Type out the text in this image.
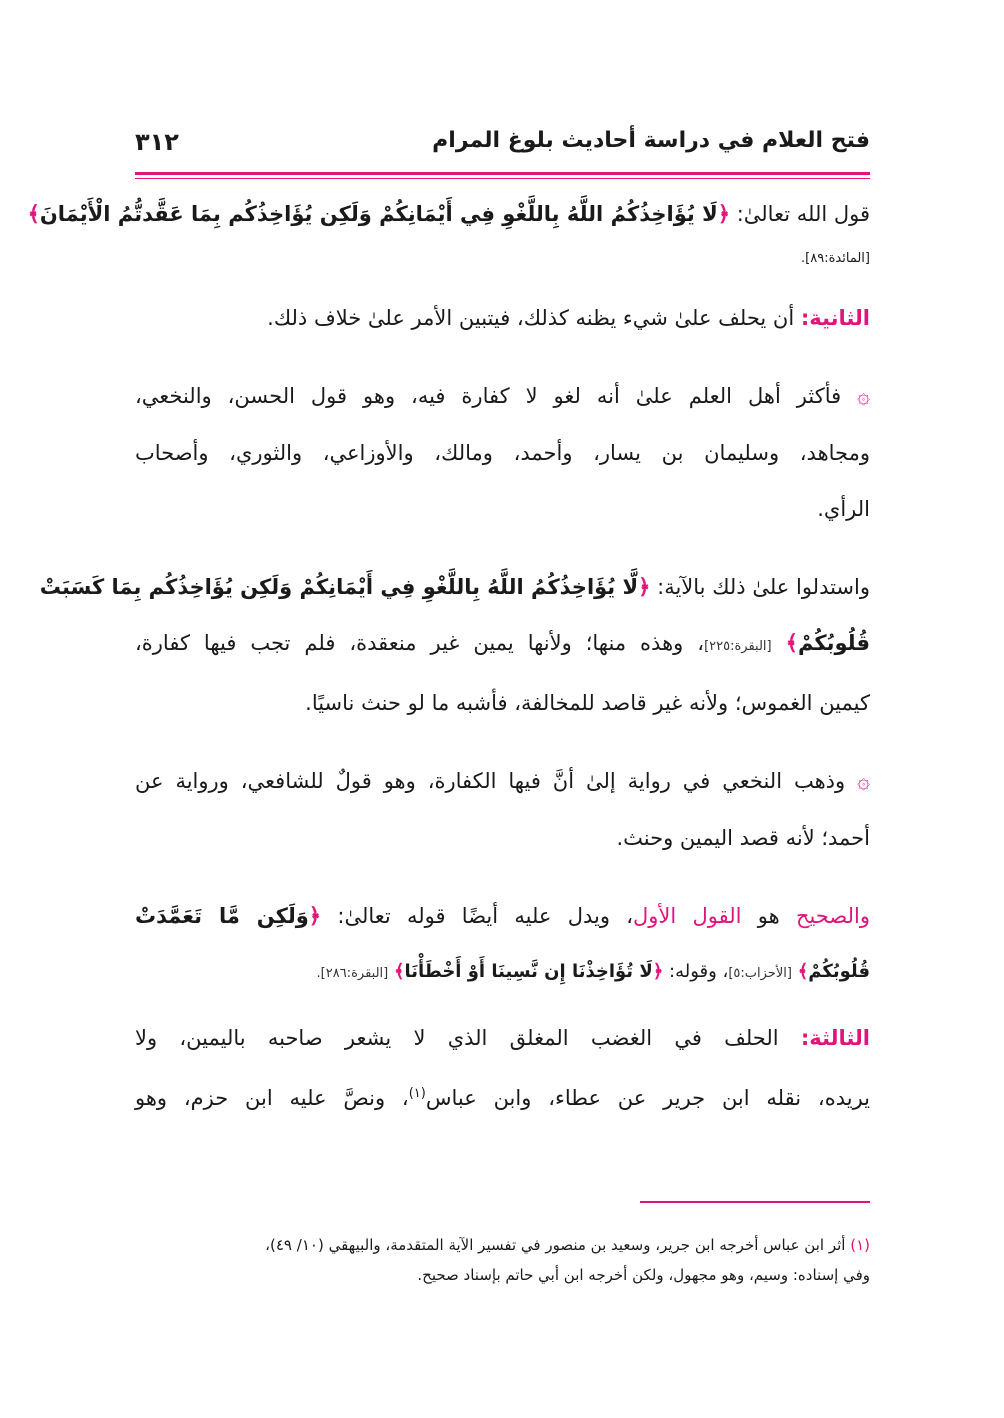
٣١٢	فتح العلام في دراسة أحاديث بلوغ المرام
قول الله تعالىٰ: ﴿لَا يُؤَاخِذُكُمُ اللَّهُ بِاللَّغْوِ فِي أَيْمَانِكُمْ وَلَكِن يُؤَاخِذُكُم بِمَا عَقَّدتُّمُ الْأَيْمَانَ﴾
[المائدة:٨٩].
الثانية: أن يحلف علىٰ شيء يظنه كذلك، فيتبين الأمر علىٰ خلاف ذلك.
۞ فأكثر أهل العلم علىٰ أنه لغو لا كفارة فيه، وهو قول الحسن، والنخعي،
ومجاهد، وسليمان بن يسار، وأحمد، ومالك، والأوزاعي، والثوري، وأصحاب
الرأي.
واستدلوا علىٰ ذلك بالآية: ﴿لَّا يُؤَاخِذُكُمُ اللَّهُ بِاللَّغْوِ فِي أَيْمَانِكُمْ وَلَكِن يُؤَاخِذُكُم بِمَا كَسَبَتْ
قُلُوبُكُمْ﴾ [البقرة:٢٢٥]، وهذه منها؛ ولأنها يمين غير منعقدة، فلم تجب فيها كفارة،
كيمين الغموس؛ ولأنه غير قاصد للمخالفة، فأشبه ما لو حنث ناسيًا.
۞ وذهب النخعي في رواية إلىٰ أنَّ فيها الكفارة، وهو قولٌ للشافعي، ورواية عن
أحمد؛ لأنه قصد اليمين وحنث.
والصحيح هو القول الأول، ويدل عليه أيضًا قوله تعالىٰ: ﴿وَلَكِن مَّا تَعَمَّدَتْ
قُلُوبُكُمْ﴾ [الأحزاب:٥]، وقوله: ﴿لَا تُؤَاخِذْنَا إِن نَّسِينَا أَوْ أَخْطَأْنَا﴾ [البقرة:٢٨٦].
الثالثة: الحلف في الغضب المغلق الذي لا يشعر صاحبه باليمين، ولا
يريده، نقله ابن جرير عن عطاء، وابن عباس$^{(١)}$، ونصَّ عليه ابن حزم، وهو
(١) أثر ابن عباس أخرجه ابن جرير، وسعيد بن منصور في تفسير الآية المتقدمة، والبيهقي (١٠/ ٤٩)،
وفي إسناده: وسيم، وهو مجهول، ولكن أخرجه ابن أبي حاتم بإسناد صحيح.
